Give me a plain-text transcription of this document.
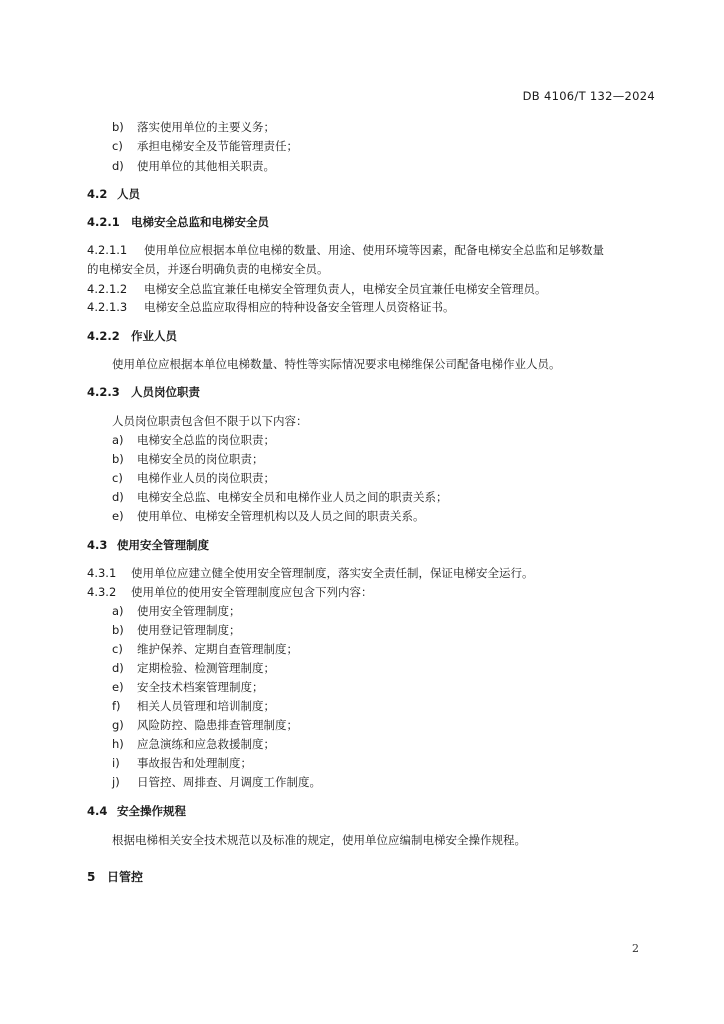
DB 4106/T 132—2024
b) 落实使用单位的主要义务；
c) 承担电梯安全及节能管理责任；
d) 使用单位的其他相关职责。
4.2 人员
4.2.1 电梯安全总监和电梯安全员
4.2.1.1 使用单位应根据本单位电梯的数量、用途、使用环境等因素，配备电梯安全总监和足够数量
的电梯安全员，并逐台明确负责的电梯安全员。
4.2.1.2 电梯安全总监宜兼任电梯安全管理负责人，电梯安全员宜兼任电梯安全管理员。
4.2.1.3 电梯安全总监应取得相应的特种设备安全管理人员资格证书。
4.2.2 作业人员
使用单位应根据本单位电梯数量、特性等实际情况要求电梯维保公司配备电梯作业人员。
4.2.3 人员岗位职责
人员岗位职责包含但不限于以下内容：
a) 电梯安全总监的岗位职责；
b) 电梯安全员的岗位职责；
c) 电梯作业人员的岗位职责；
d) 电梯安全总监、电梯安全员和电梯作业人员之间的职责关系；
e) 使用单位、电梯安全管理机构以及人员之间的职责关系。
4.3 使用安全管理制度
4.3.1 使用单位应建立健全使用安全管理制度，落实安全责任制，保证电梯安全运行。
4.3.2 使用单位的使用安全管理制度应包含下列内容：
a) 使用安全管理制度；
b) 使用登记管理制度；
c) 维护保养、定期自查管理制度；
d) 定期检验、检测管理制度；
e) 安全技术档案管理制度；
f) 相关人员管理和培训制度；
g) 风险防控、隐患排查管理制度；
h) 应急演练和应急救援制度；
i) 事故报告和处理制度；
j) 日管控、周排查、月调度工作制度。
4.4 安全操作规程
根据电梯相关安全技术规范以及标准的规定，使用单位应编制电梯安全操作规程。
5 日管控
2
